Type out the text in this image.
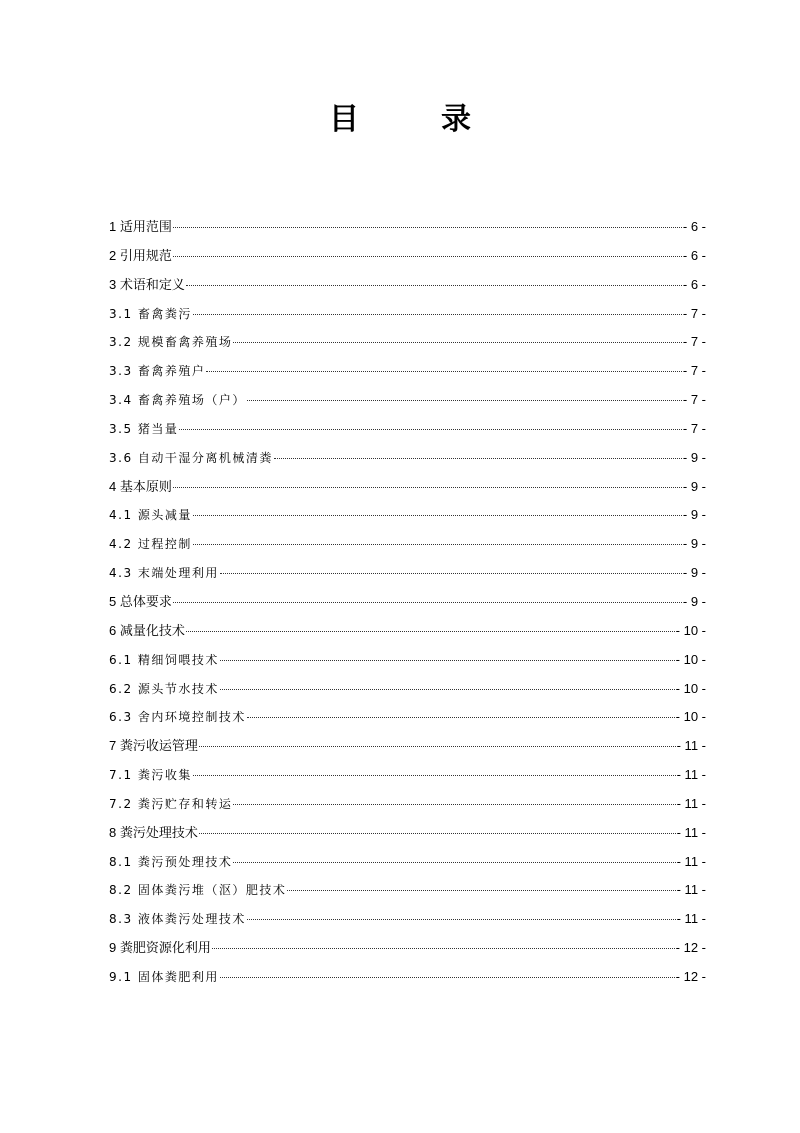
目　录
1 适用范围	- 6 -
2 引用规范	- 6 -
3 术语和定义	- 6 -
3.1 畜禽粪污	- 7 -
3.2 规模畜禽养殖场	- 7 -
3.3 畜禽养殖户	- 7 -
3.4 畜禽养殖场（户）	- 7 -
3.5 猪当量	- 7 -
3.6 自动干湿分离机械清粪	- 9 -
4 基本原则	- 9 -
4.1 源头减量	- 9 -
4.2 过程控制	- 9 -
4.3 末端处理利用	- 9 -
5 总体要求	- 9 -
6 减量化技术	- 10 -
6.1 精细饲喂技术	- 10 -
6.2 源头节水技术	- 10 -
6.3 舍内环境控制技术	- 10 -
7 粪污收运管理	- 11 -
7.1 粪污收集	- 11 -
7.2 粪污贮存和转运	- 11 -
8 粪污处理技术	- 11 -
8.1 粪污预处理技术	- 11 -
8.2 固体粪污堆（沤）肥技术	- 11 -
8.3 液体粪污处理技术	- 11 -
9 粪肥资源化利用	- 12 -
9.1 固体粪肥利用	- 12 -
